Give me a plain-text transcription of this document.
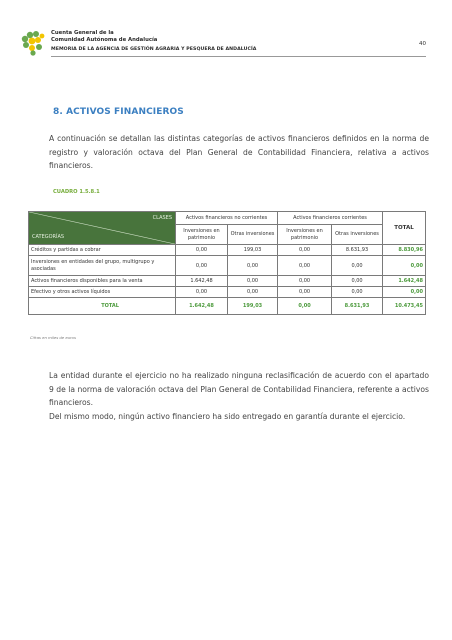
Cuenta General de la
Comunidad Autónoma de Andalucía
MEMORIA DE LA AGENCIA DE GESTIÓN AGRARIA Y PESQUERA DE ANDALUCÍA
40
8. ACTIVOS FINANCIEROS

A continuación se detallan las distintas categorías de activos financieros definidos en la norma de registro y valoración octava del Plan General de Contabilidad Financiera, relativa a activos financieros.

CUADRO 1.5.8.1
CLASES
CATEGORÍAS	Activos financieros no corrientes		Activos financieros corrientes		TOTAL
	Inversiones en patrimonio	Otras inversiones	Inversiones en patrimonio	Otras inversiones	
Créditos y partidas a cobrar	0,00	199,03	0,00	8.631,93	8.830,96
Inversiones en entidades del grupo, multigrupo y asociadas	0,00	0,00	0,00	0,00	0,00
Activos financieros disponibles para la venta	1.642,48	0,00	0,00	0,00	1.642,48
Efectivo y otros activos líquidos	0,00	0,00	0,00	0,00	0,00
TOTAL	1.642,48	199,03	0,00	8.631,93	10.473,45
Cifras en miles de euros

La entidad durante el ejercicio no ha realizado ninguna reclasificación de acuerdo con el apartado 9 de la norma de valoración octava del Plan General de Contabilidad Financiera, referente a activos financieros.

Del mismo modo, ningún activo financiero ha sido entregado en garantía durante el ejercicio.
